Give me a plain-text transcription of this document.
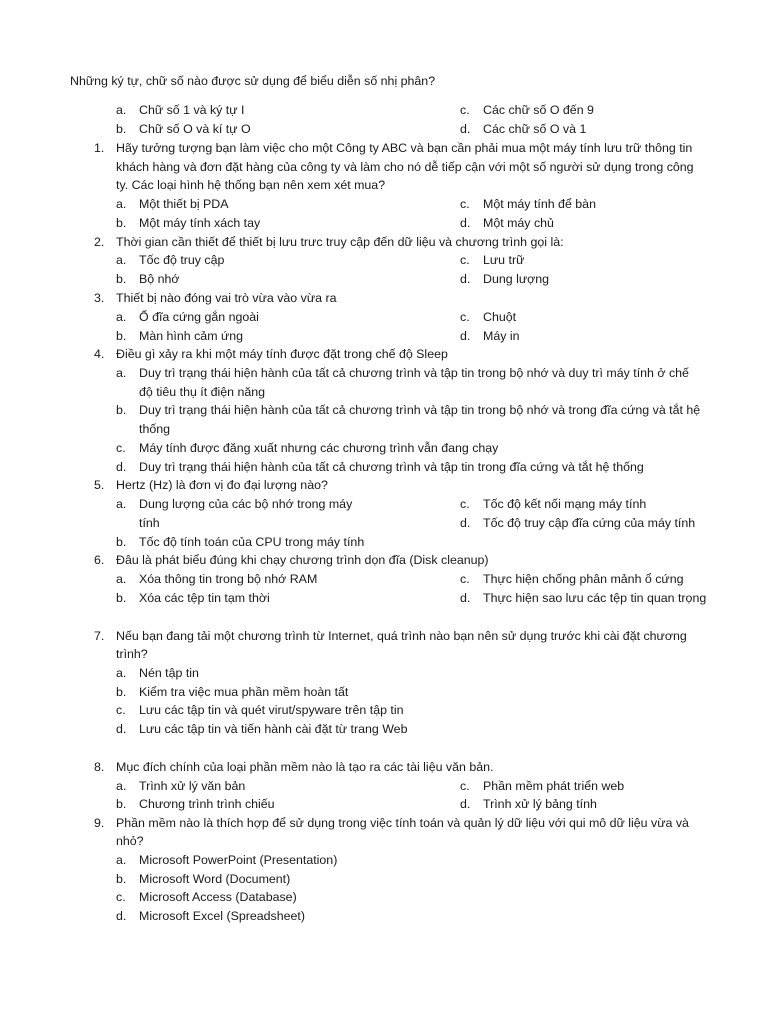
Những ký tự, chữ số nào được sử dụng để biểu diễn số nhị phân?
a.	Chữ số 1 và ký tự I
b.	Chữ số O và kí tự O
c.	Các chữ số O đến 9
d.	Các chữ số O và 1
1. Hãy tưởng tượng bạn làm việc cho một Công ty ABC và bạn cần phải mua một máy tính lưu trữ thông tin
khách hàng và đơn đặt hàng của công ty và làm cho nó dễ tiếp cận với một số người sử dụng trong công
ty. Các loại hình hệ thống bạn nên xem xét mua?
a.	Một thiết bị PDA
b.	Một máy tính xách tay
c.	Một máy tính để bàn
d.	Một máy chủ
2. Thời gian cần thiết để thiết bị lưu trưc truy cập đến dữ liệu và chương trình gọi là:
a.	Tốc độ truy cập
b.	Bộ nhớ
c.	Lưu trữ
d.	Dung lượng
3. Thiết bị nào đóng vai trò vừa vào vừa ra
a.	Ổ đĩa cứng gắn ngoài
b.	Màn hình cảm ứng
c.	Chuột
d.	Máy in
4. Điều gì xảy ra khi một máy tính được đặt trong chế độ Sleep
a.	Duy trì trạng thái hiện hành của tất cả chương trình và tập tin trong bộ nhớ và duy trì máy tính ở chế
độ tiêu thụ ít điện năng
b.	Duy trì trạng thái hiện hành của tất cả chương trình và tập tin trong bộ nhớ và trong đĩa cứng và tắt hệ
thống
c.	Máy tính được đăng xuất nhưng các chương trình vẫn đang chạy
d.	Duy trì trạng thái hiện hành của tất cả chương trình và tập tin trong đĩa cứng và tắt hệ thống
5. Hertz (Hz) là đơn vị đo đại lượng nào?
a.	Dung lượng của các bộ nhớ trong máy
tính
b.	Tốc độ tính toán của CPU trong máy tính
c.	Tốc độ kết nối mạng máy tính
d.	Tốc độ truy cập đĩa cứng của máy tính
6. Đâu là phát biểu đúng khi chạy chương trình dọn đĩa (Disk cleanup)
a.	Xóa thông tin trong bộ nhớ RAM
b.	Xóa các tệp tin tạm thời
c.	Thực hiện chống phân mảnh ổ cứng
d.	Thực hiện sao lưu các tệp tin quan trọng
7. Nếu bạn đang tải một chương trình từ Internet, quá trình nào bạn nên sử dụng trước khi cài đặt chương
trình?
a.	Nén tập tin
b.	Kiểm tra việc mua phần mềm hoàn tất
c.	Lưu các tập tin và quét virut/spyware trên tập tin
d.	Lưu các tập tin và tiến hành cài đặt từ trang Web
8. Mục đích chính của loại phần mềm nào là tạo ra các tài liệu văn bản.
a.	Trình xử lý văn bản
b.	Chương trình trình chiếu
c.	Phần mềm phát triển web
d.	Trình xử lý bảng tính
9. Phần mềm nào là thích hợp để sử dụng trong việc tính toán và quản lý dữ liệu với qui mô dữ liệu vừa và
nhỏ?
a.	Microsoft PowerPoint (Presentation)
b.	Microsoft Word (Document)
c.	Microsoft Access (Database)
d.	Microsoft Excel (Spreadsheet)
